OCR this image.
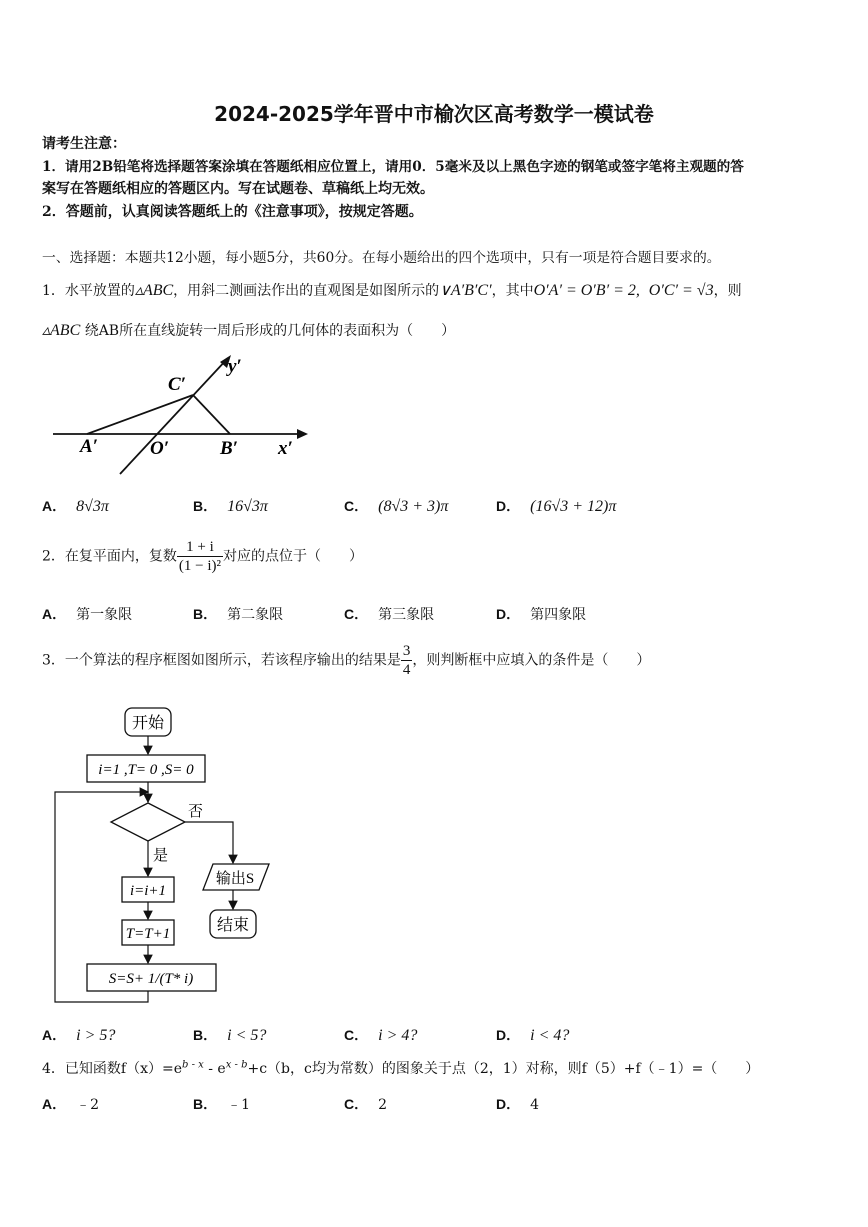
2024-2025学年晋中市榆次区高考数学一模试卷
请考生注意：
1．请用2B铅笔将选择题答案涂填在答题纸相应位置上，请用0．5毫米及以上黑色字迹的钢笔或签字笔将主观题的答
案写在答题纸相应的答题区内。写在试题卷、草稿纸上均无效。
2．答题前，认真阅读答题纸上的《注意事项》，按规定答题。
一、选择题：本题共12小题，每小题5分，共60分。在每小题给出的四个选项中，只有一项是符合题目要求的。
1．水平放置的▵ABC，用斜二测画法作出的直观图是如图所示的∨A′B′C′，其中O′A′ = O′B′ = 2, O′C′ = √3，则
▵ABC 绕AB所在直线旋转一周后形成的几何体的表面积为（　　）
C′
y′
A′	O′	B′ x′
A． 8√3π	B． 16√3π	C． (8√3 + 3)π	D． (16√3 + 12)π
2．在复平面内，复数 $\frac{1 + i}{\text{(1 − i)²}}$ 对应的点位于（　　）
A． 第一象限	B． 第二象限	C． 第三象限	D． 第四象限
3．一个算法的程序框图如图所示，若该程序输出的结果是 $\frac{3}{4}$ ，则判断框中应填入的条件是（　　）
开始
i=1 ,T= 0 ,S= 0
否
输出S
结束
是
i=i+1
T=T+1
S=S+ 1/(T* i)
A． i > 5?	B． i < 5?	C． i > 4?	D． i < 4?
4．已知函数$f(x)=e^{b - x} - e^{x - b}+c(b$，c均为常数）的图象关于点（2，1）对称，则f（5）+f（﹣1）=（　　）
A． ﹣2	B． ﹣1	C． 2	D． 4
